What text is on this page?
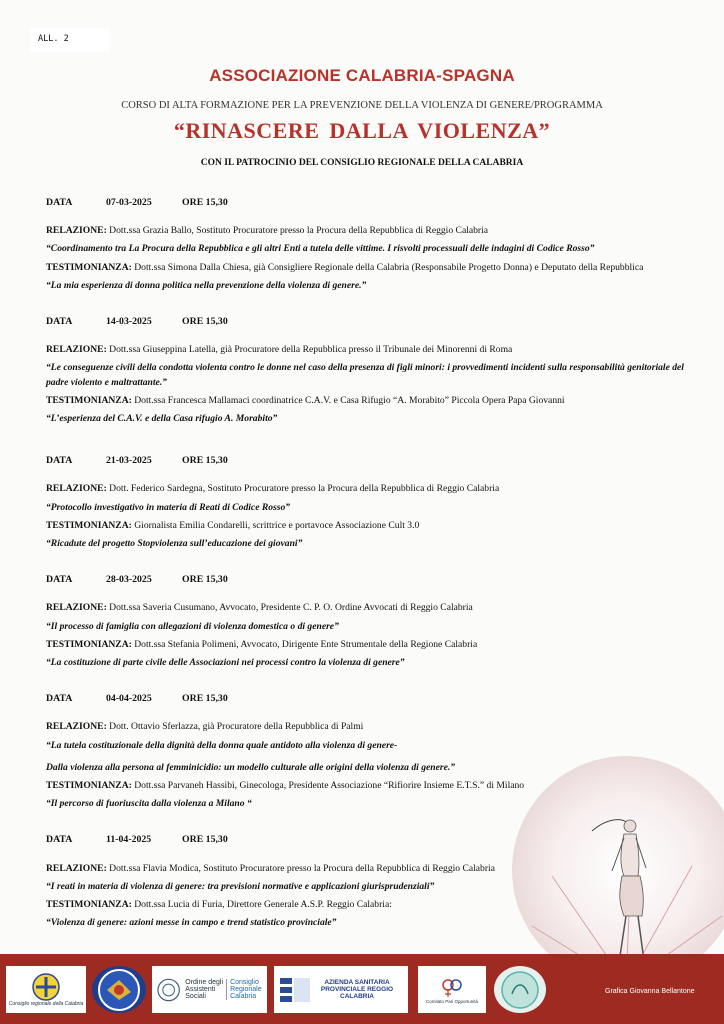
ALL. 2
ASSOCIAZIONE CALABRIA-SPAGNA
CORSO DI ALTA FORMAZIONE PER LA PREVENZIONE DELLA VIOLENZA DI GENERE/PROGRAMMA
“RINASCERE DALLA VIOLENZA”
CON IL PATROCINIO DEL CONSIGLIO REGIONALE DELLA CALABRIA
DATA	07-03-2025	ORE 15,30
RELAZIONE: Dott.ssa Grazia Ballo, Sostituto Procuratore presso la Procura della Repubblica di Reggio Calabria
“Coordinamento tra La Procura della Repubblica e gli altri Enti a tutela delle vittime. I risvolti processuali delle indagini di Codice Rosso”
TESTIMONIANZA: Dott.ssa Simona Dalla Chiesa, già Consigliere Regionale della Calabria (Responsabile Progetto Donna) e Deputato della Repubblica
“La mia esperienza di donna politica nella prevenzione della violenza di genere.”
DATA	14-03-2025	ORE 15,30
RELAZIONE: Dott.ssa Giuseppina Latella, già Procuratore della Repubblica presso il Tribunale dei Minorenni di Roma
“Le conseguenze civili della condotta violenta contro le donne nel caso della presenza di figli minori: i provvedimenti incidenti sulla responsabilità genitoriale del padre violento e maltrattante.”
TESTIMONIANZA: Dott.ssa Francesca Mallamaci coordinatrice C.A.V. e Casa Rifugio “A. Morabito” Piccola Opera Papa Giovanni
“L’esperienza del C.A.V. e della Casa rifugio A. Morabito”
DATA	21-03-2025	ORE 15,30
RELAZIONE: Dott. Federico Sardegna, Sostituto Procuratore presso la Procura della Repubblica di Reggio Calabria
“Protocollo investigativo in materia di Reati di Codice Rosso”
TESTIMONIANZA: Giornalista Emilia Condarelli, scrittrice e portavoce Associazione Cult 3.0
“Ricadute del progetto Stopviolenza sull’educazione dei giovani”
DATA	28-03-2025	ORE 15,30
RELAZIONE: Dott.ssa Saveria Cusumano, Avvocato, Presidente C. P. O. Ordine Avvocati di Reggio Calabria
“Il processo di famiglia con allegazioni di violenza domestica o di genere”
TESTIMONIANZA: Dott.ssa Stefania Polimeni, Avvocato, Dirigente Ente Strumentale della Regione Calabria
“La costituzione di parte civile delle Associazioni nei processi contro la violenza di genere”
DATA	04-04-2025	ORE 15,30
RELAZIONE: Dott. Ottavio Sferlazza, già Procuratore della Repubblica di Palmi
“La tutela costituzionale della dignità della donna quale antidoto alla violenza di genere-
Dalla violenza alla persona al femminicidio: un modello culturale alle origini della violenza di genere.”
TESTIMONIANZA: Dott.ssa Parvaneh Hassibi, Ginecologa, Presidente Associazione “Rifiorire Insieme E.T.S.” di Milano
“Il percorso di fuoriuscita dalla violenza a Milano “
DATA	11-04-2025	ORE 15,30
RELAZIONE: Dott.ssa Flavia Modica, Sostituto Procuratore presso la Procura della Repubblica di Reggio Calabria
“I reati in materia di violenza di genere: tra previsioni normative e applicazioni giurisprudenziali”
TESTIMONIANZA: Dott.ssa Lucia di Furia, Direttore Generale A.S.P. Reggio Calabria:
“Violenza di genere: azioni messe in campo e trend statistico provinciale”
Consiglio regionale della Calabria
Ordine degli Assistenti Sociali
Consiglio Regionale Calabria
AZIENDA SANITARIA PROVINCIALE REGGIO CALABRIA
Comitato Pari Opportunità
Grafica Giovanna Bellantone
